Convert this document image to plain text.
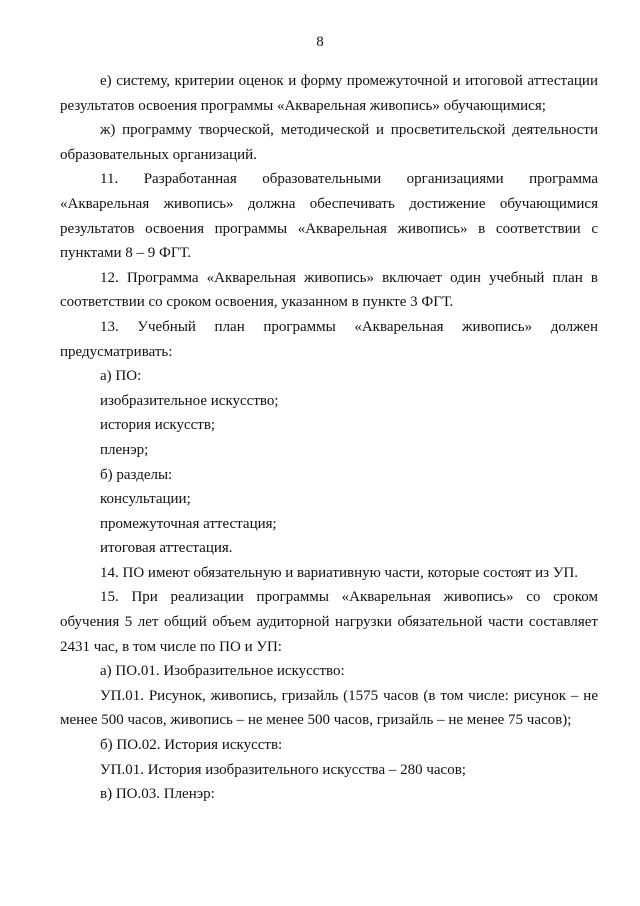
8

е) систему, критерии оценок и форму промежуточной и итоговой аттестации результатов освоения программы «Акварельная живопись» обучающимися;

ж) программу творческой, методической и просветительской деятельности образовательных организаций.

11. Разработанная образовательными организациями программа «Акварельная живопись» должна обеспечивать достижение обучающимися результатов освоения программы «Акварельная живопись» в соответствии с пунктами 8 – 9 ФГТ.

12. Программа «Акварельная живопись» включает один учебный план в соответствии со сроком освоения, указанном в пункте 3 ФГТ.

13. Учебный план программы «Акварельная живопись» должен предусматривать:

а) ПО:

изобразительное искусство;

история искусств;

пленэр;

б) разделы:

консультации;

промежуточная аттестация;

итоговая аттестация.

14. ПО имеют обязательную и вариативную части, которые состоят из УП.

15. При реализации программы «Акварельная живопись» со сроком обучения 5 лет общий объем аудиторной нагрузки обязательной части составляет 2431 час, в том числе по ПО и УП:

а) ПО.01. Изобразительное искусство:

УП.01. Рисунок, живопись, гризайль (1575 часов (в том числе: рисунок – не менее 500 часов, живопись – не менее 500 часов, гризайль – не менее 75 часов);

б) ПО.02. История искусств:

УП.01. История изобразительного искусства – 280 часов;

в) ПО.03. Пленэр:
